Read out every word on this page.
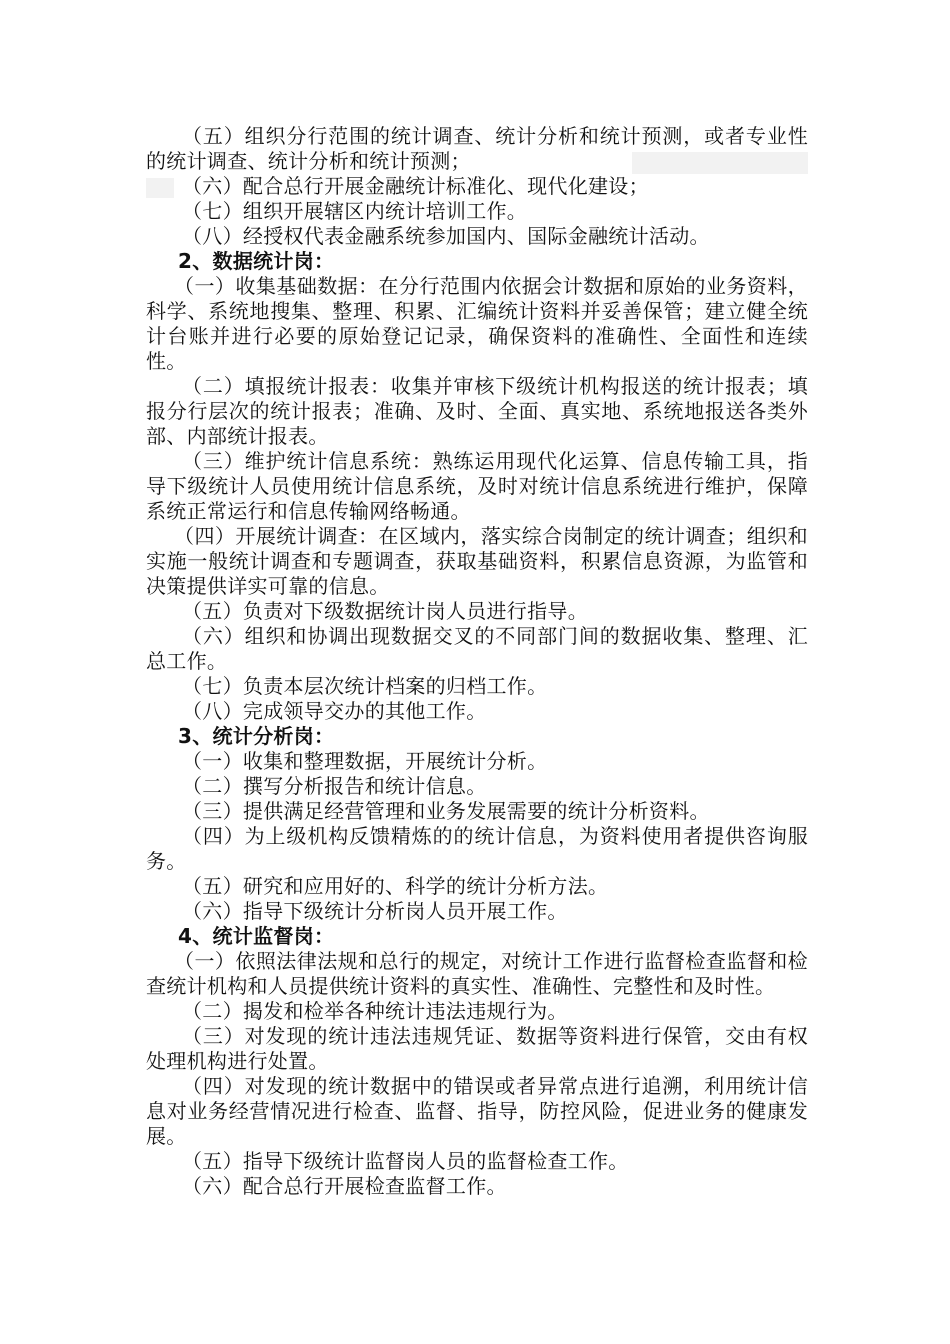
（五）组织分行范围的统计调查、统计分析和统计预测，或者专业性的统计调查、统计分析和统计预测；

（六）配合总行开展金融统计标准化、现代化建设；

（七）组织开展辖区内统计培训工作。

（八）经授权代表金融系统参加国内、国际金融统计活动。

2、数据统计岗：

（一）收集基础数据：在分行范围内依据会计数据和原始的业务资料，科学、系统地搜集、整理、积累、汇编统计资料并妥善保管；建立健全统计台账并进行必要的原始登记记录，确保资料的准确性、全面性和连续性。

（二）填报统计报表：收集并审核下级统计机构报送的统计报表；填报分行层次的统计报表；准确、及时、全面、真实地、系统地报送各类外部、内部统计报表。

（三）维护统计信息系统：熟练运用现代化运算、信息传输工具，指导下级统计人员使用统计信息系统，及时对统计信息系统进行维护，保障系统正常运行和信息传输网络畅通。

（四）开展统计调查：在区域内，落实综合岗制定的统计调查；组织和实施一般统计调查和专题调查，获取基础资料，积累信息资源，为监管和决策提供详实可靠的信息。

（五）负责对下级数据统计岗人员进行指导。

（六）组织和协调出现数据交叉的不同部门间的数据收集、整理、汇总工作。

（七）负责本层次统计档案的归档工作。

（八）完成领导交办的其他工作。

3、统计分析岗：

（一）收集和整理数据，开展统计分析。

（二）撰写分析报告和统计信息。

（三）提供满足经营管理和业务发展需要的统计分析资料。

（四）为上级机构反馈精炼的的统计信息，为资料使用者提供咨询服务。

（五）研究和应用好的、科学的统计分析方法。

（六）指导下级统计分析岗人员开展工作。

4、统计监督岗：

（一）依照法律法规和总行的规定，对统计工作进行监督检查监督和检查统计机构和人员提供统计资料的真实性、准确性、完整性和及时性。

（二）揭发和检举各种统计违法违规行为。

（三）对发现的统计违法违规凭证、数据等资料进行保管，交由有权处理机构进行处置。

（四）对发现的统计数据中的错误或者异常点进行追溯，利用统计信息对业务经营情况进行检查、监督、指导，防控风险，促进业务的健康发展。

（五）指导下级统计监督岗人员的监督检查工作。

（六）配合总行开展检查监督工作。
